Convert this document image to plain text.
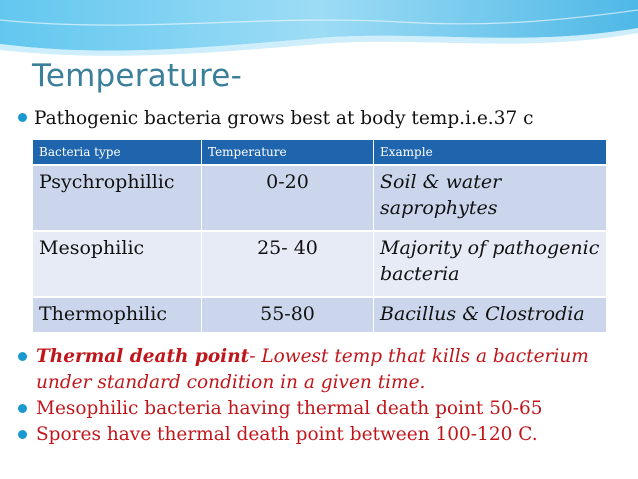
Temperature-
Pathogenic bacteria grows best at body temp.i.e.37 c
Bacteria type	Temperature	Example
Psychrophillic	0-20	Soil & water saprophytes
Mesophilic	25- 40	Majority of pathogenic bacteria
Thermophilic	55-80	Bacillus & Clostrodia
Thermal death point- Lowest temp that kills a bacterium under standard condition in a given time.
Mesophilic bacteria having thermal death point 50-65
Spores have thermal death point between 100-120 C.
